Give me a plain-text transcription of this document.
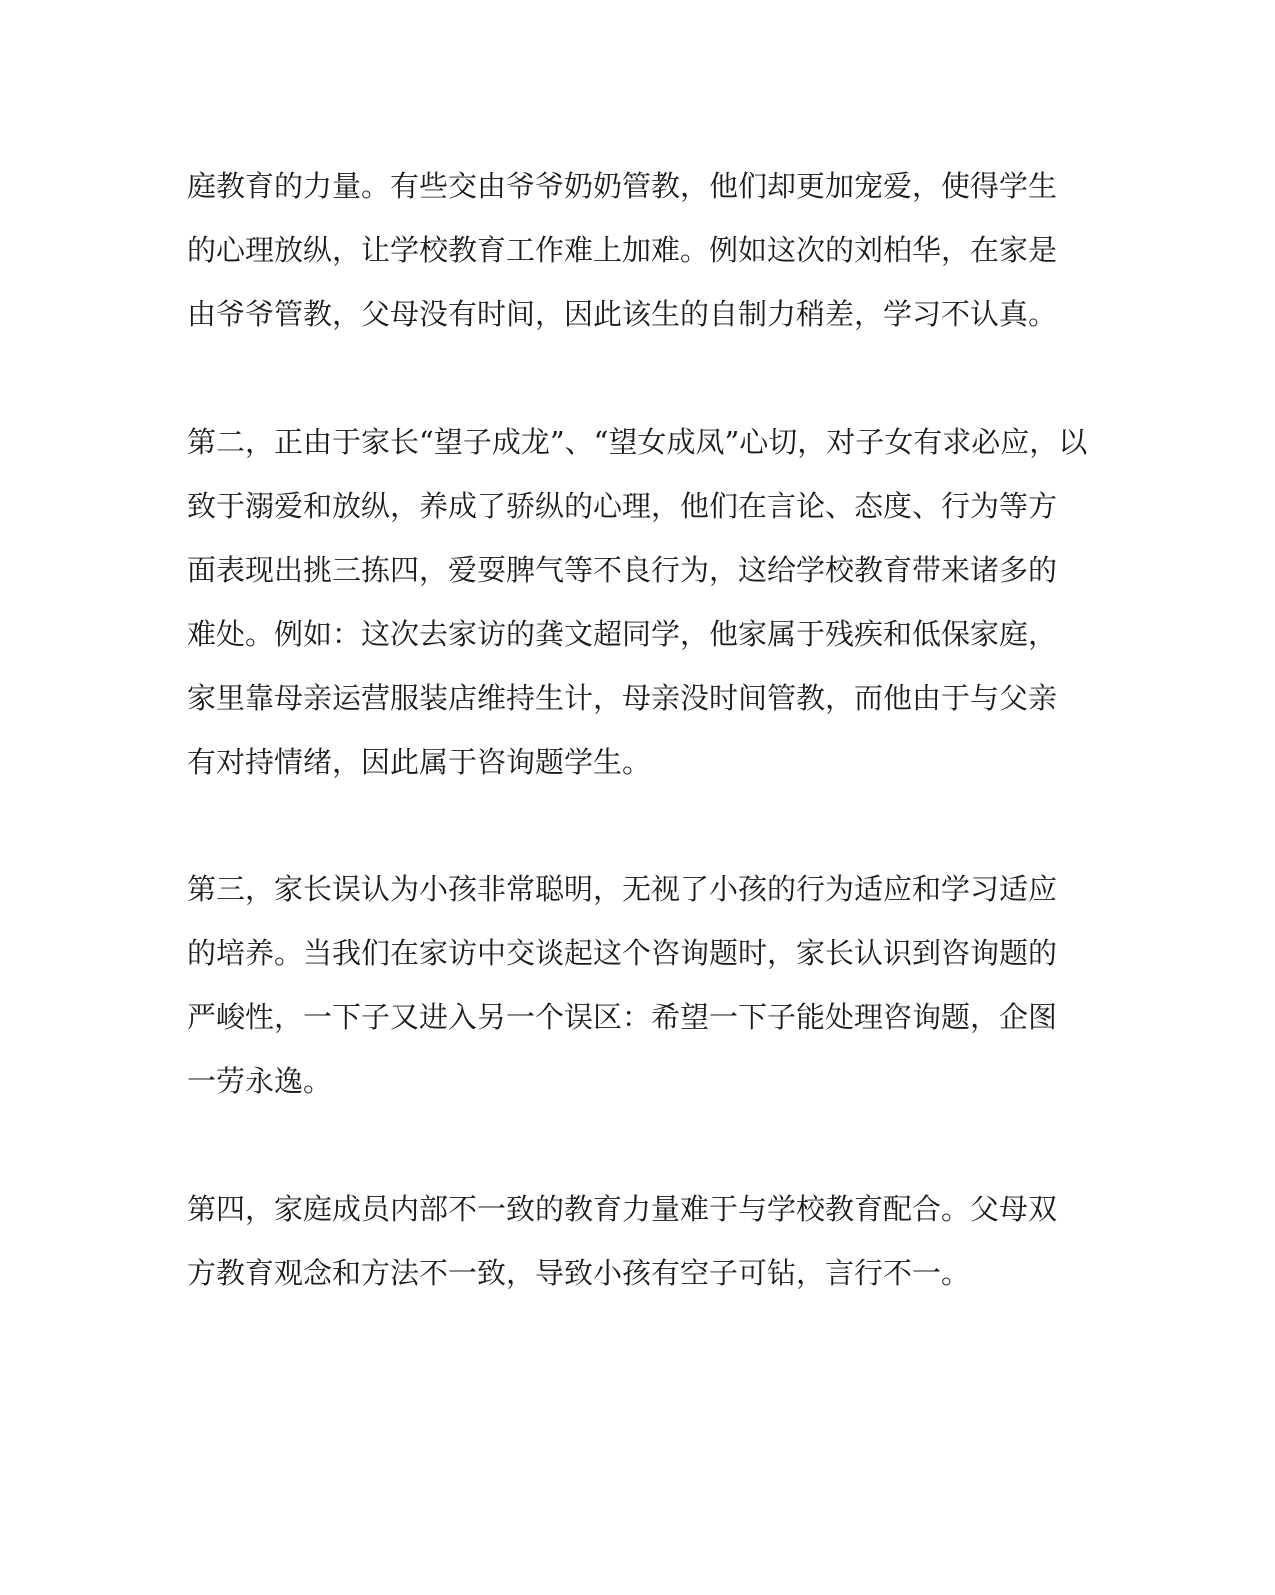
庭教育的力量。有些交由爷爷奶奶管教，他们却更加宠爱，使得学生
的心理放纵，让学校教育工作难上加难。例如这次的刘柏华，在家是
由爷爷管教，父母没有时间，因此该生的自制力稍差，学习不认真。

第二，正由于家长“望子成龙”、“望女成凤”心切，对子女有求必应，以
致于溺爱和放纵，养成了骄纵的心理，他们在言论、态度、行为等方
面表现出挑三拣四，爱耍脾气等不良行为，这给学校教育带来诸多的
难处。例如：这次去家访的龚文超同学，他家属于残疾和低保家庭，
家里靠母亲运营服装店维持生计，母亲没时间管教，而他由于与父亲
有对持情绪，因此属于咨询题学生。

第三，家长误认为小孩非常聪明，无视了小孩的行为适应和学习适应
的培养。当我们在家访中交谈起这个咨询题时，家长认识到咨询题的
严峻性，一下子又进入另一个误区：希望一下子能处理咨询题，企图
一劳永逸。

第四，家庭成员内部不一致的教育力量难于与学校教育配合。父母双
方教育观念和方法不一致，导致小孩有空子可钻，言行不一。
